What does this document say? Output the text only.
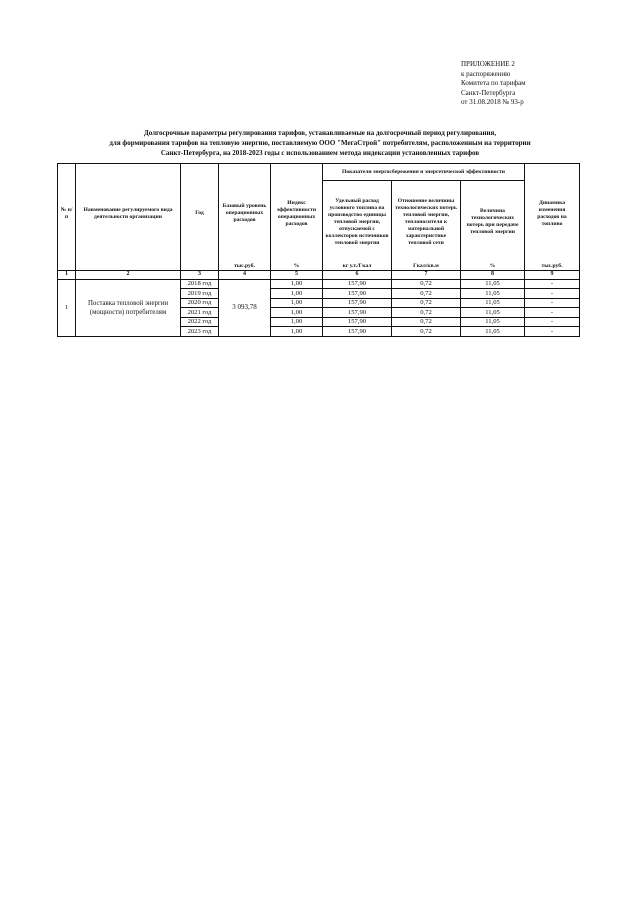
ПРИЛОЖЕНИЕ 2
к распоряжению
Комитета по тарифам
Санкт-Петербурга
от 31.08.2018 № 93-р
Долгосрочные параметры регулирования тарифов, устанавливаемые на долгосрочный период регулирования,
для формирования тарифов на тепловую энергию, поставляемую ООО "МегаСтрой" потребителям, расположенным на территории
Санкт-Петербурга, на 2018-2023 годы с использованием метода индексации установленных тарифов
№ п/п	Наименование регулируемого вида деятельности организации	Год	Базовый уровень операционных расходов	Индекс эффективности операционных расходов	Показатели энергосбережения и энергетической эффективности			Динамика изменения расходов на топливо
					Удельный расход условного топлива на производство единицы тепловой энергии, отпускаемой с коллекторов источников тепловой энергии	Отношение величины технологических потерь тепловой энергии, теплоносителя к материальной характеристике тепловой сети	Величина технологических потерь при передаче тепловой энергии	
			тыс.руб.	%	кг у.т./Гкал	Гкал/кв.м	%	тыс.руб.
1	2	3	4	5	6	7	8	9
1	Поставка тепловой энергии (мощности) потребителям	2018 год	3 093,78	1,00	157,90	0,72	11,05	-
		2019 год		1,00	157,90	0,72	11,05	-
		2020 год		1,00	157,90	0,72	11,05	-
		2021 год		1,00	157,90	0,72	11,05	-
		2022 год		1,00	157,90	0,72	11,05	-
		2023 год		1,00	157,90	0,72	11,05	-
